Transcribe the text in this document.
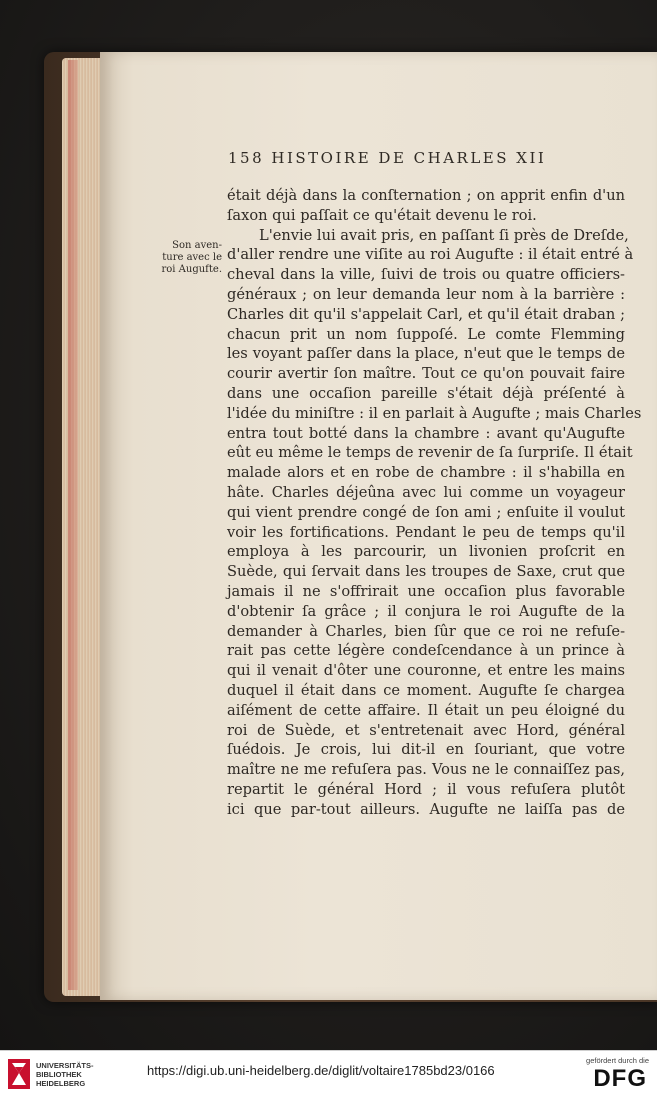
158 HISTOIRE DE CHARLES XII
Son aven-
ture avec le
roi Augufte.
était déjà dans la conſternation ; on apprit enfin d'un
ſaxon qui paſſait ce qu'était devenu le roi.
L'envie lui avait pris, en paſſant ſi près de Dreſde,
d'aller rendre une viſite au roi Augufte : il était entré à
cheval dans la ville, ſuivi de trois ou quatre officiers-
généraux ; on leur demanda leur nom à la barrière :
Charles dit qu'il s'appelait Carl, et qu'il était draban ;
chacun prit un nom ſuppoſé. Le comte Flemming
les voyant paſſer dans la place, n'eut que le temps de
courir avertir ſon maître. Tout ce qu'on pouvait faire
dans une occaſion pareille s'était déjà préſenté à
l'idée du miniſtre : il en parlait à Augufte ; mais Charles
entra tout botté dans la chambre : avant qu'Augufte
eût eu même le temps de revenir de ſa ſurpriſe. Il était
malade alors et en robe de chambre : il s'habilla en
hâte. Charles déjeûna avec lui comme un voyageur
qui vient prendre congé de ſon ami ; enſuite il voulut
voir les fortifications. Pendant le peu de temps qu'il
employa à les parcourir, un livonien proſcrit en
Suède, qui ſervait dans les troupes de Saxe, crut que
jamais il ne s'offrirait une occaſion plus favorable
d'obtenir ſa grâce ; il conjura le roi Augufte de la
demander à Charles, bien ſûr que ce roi ne refuſe-
rait pas cette légère condeſcendance à un prince à
qui il venait d'ôter une couronne, et entre les mains
duquel il était dans ce moment. Augufte ſe chargea
aiſément de cette affaire. Il était un peu éloigné du
roi de Suède, et s'entretenait avec Hord, général
ſuédois. Je crois, lui dit-il en ſouriant, que votre
maître ne me refuſera pas. Vous ne le connaiſſez pas,
repartit le général Hord ; il vous refuſera plutôt
ici que par-tout ailleurs. Augufte ne laiſſa pas de
UNIVERSITÄTS-
BIBLIOTHEK
HEIDELBERG
https://digi.ub.uni-heidelberg.de/diglit/voltaire1785bd23/0166
gefördert durch die
DFG
